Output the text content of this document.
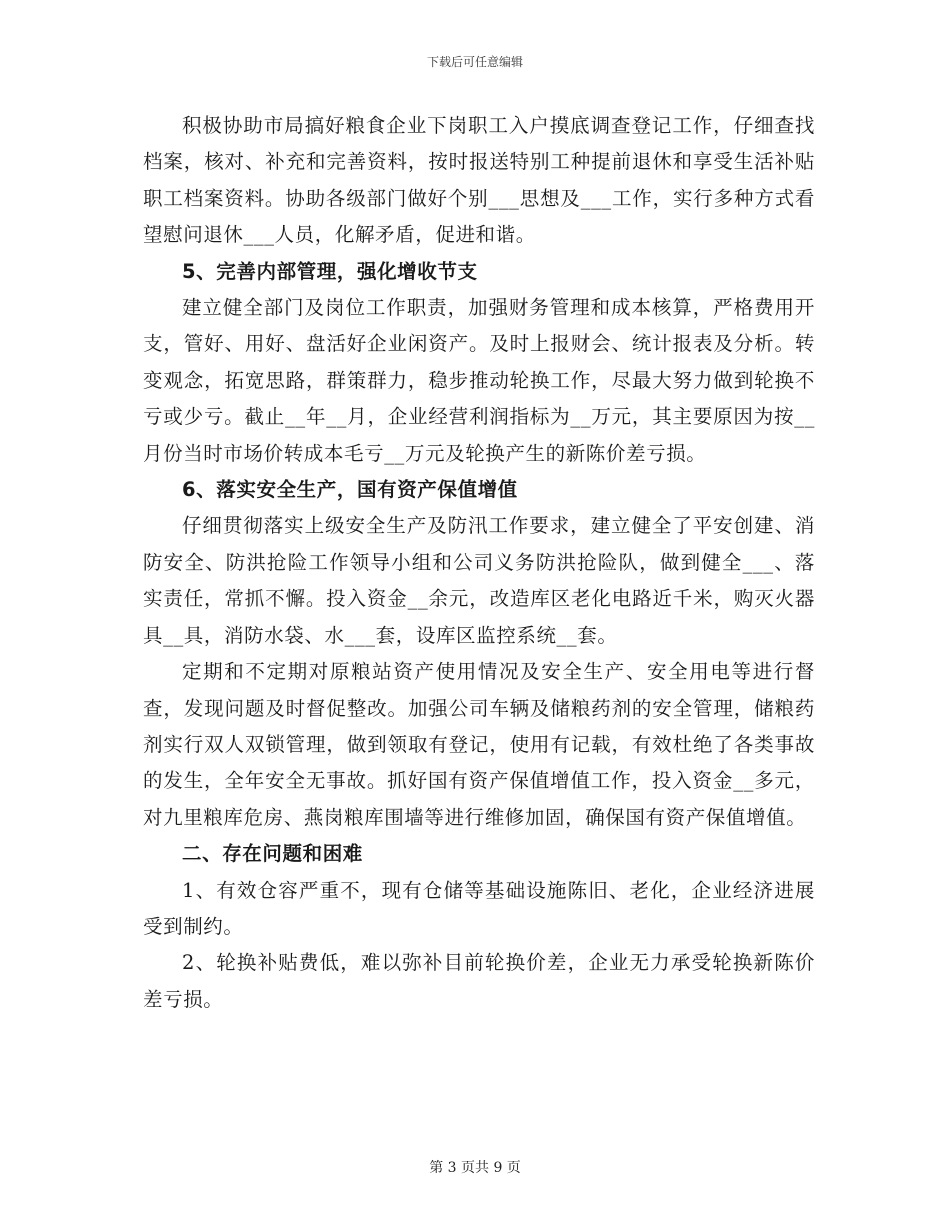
下载后可任意编辑

积极协助市局搞好粮食企业下岗职工入户摸底调查登记工作，仔细查找档案，核对、补充和完善资料，按时报送特别工种提前退休和享受生活补贴职工档案资料。协助各级部门做好个别___思想及___工作，实行多种方式看望慰问退休___人员，化解矛盾，促进和谐。

5、完善内部管理，强化增收节支

建立健全部门及岗位工作职责，加强财务管理和成本核算，严格费用开支，管好、用好、盘活好企业闲资产。及时上报财会、统计报表及分析。转变观念，拓宽思路，群策群力，稳步推动轮换工作，尽最大努力做到轮换不亏或少亏。截止__年__月，企业经营利润指标为__万元，其主要原因为按__月份当时市场价转成本毛亏__万元及轮换产生的新陈价差亏损。

6、落实安全生产，国有资产保值增值

仔细贯彻落实上级安全生产及防汛工作要求，建立健全了平安创建、消防安全、防洪抢险工作领导小组和公司义务防洪抢险队，做到健全___、落实责任，常抓不懈。投入资金__余元，改造库区老化电路近千米，购灭火器具__具，消防水袋、水___套，设库区监控系统__套。

定期和不定期对原粮站资产使用情况及安全生产、安全用电等进行督查，发现问题及时督促整改。加强公司车辆及储粮药剂的安全管理，储粮药剂实行双人双锁管理，做到领取有登记，使用有记载，有效杜绝了各类事故的发生，全年安全无事故。抓好国有资产保值增值工作，投入资金__多元，对九里粮库危房、燕岗粮库围墙等进行维修加固，确保国有资产保值增值。

二、存在问题和困难

1、有效仓容严重不，现有仓储等基础设施陈旧、老化，企业经济进展受到制约。

2、轮换补贴费低，难以弥补目前轮换价差，企业无力承受轮换新陈价差亏损。

第 3 页共 9 页
